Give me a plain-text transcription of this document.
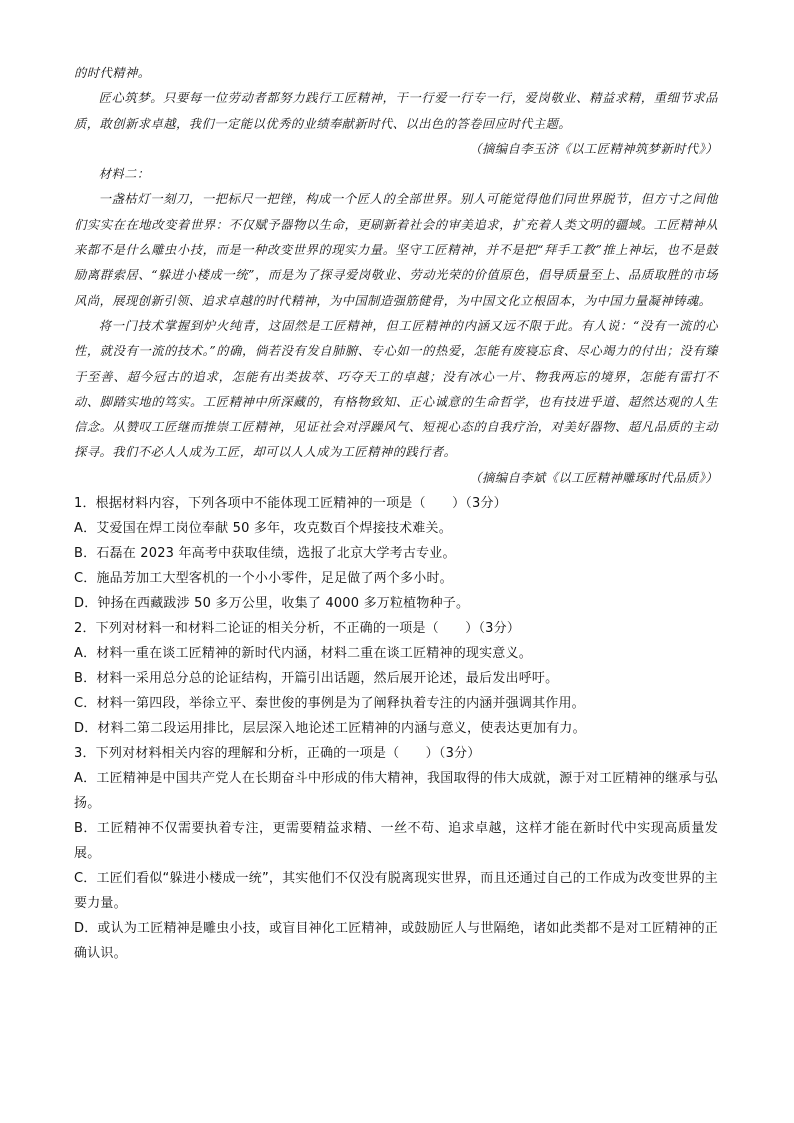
的时代精神。

匠心筑梦。只要每一位劳动者都努力践行工匠精神，干一行爱一行专一行，爱岗敬业、精益求精，重细节求品质，敢创新求卓越，我们一定能以优秀的业绩奉献新时代、以出色的答卷回应时代主题。

（摘编自李玉济《以工匠精神筑梦新时代》）

材料二：

一盏枯灯一刻刀，一把标尺一把锉，构成一个匠人的全部世界。别人可能觉得他们同世界脱节，但方寸之间他们实实在在地改变着世界：不仅赋予器物以生命，更刷新着社会的审美追求，扩充着人类文明的疆域。工匠精神从来都不是什么雕虫小技，而是一种改变世界的现实力量。坚守工匠精神，并不是把“拜手工教”推上神坛，也不是鼓励离群索居、“躲进小楼成一统”，而是为了探寻爱岗敬业、劳动光荣的价值原色，倡导质量至上、品质取胜的市场风尚，展现创新引领、追求卓越的时代精神，为中国制造强筋健骨，为中国文化立根固本，为中国力量凝神铸魂。

将一门技术掌握到炉火纯青，这固然是工匠精神，但工匠精神的内涵又远不限于此。有人说：“没有一流的心性，就没有一流的技术。”的确，倘若没有发自肺腑、专心如一的热爱，怎能有废寝忘食、尽心竭力的付出；没有臻于至善、超今冠古的追求，怎能有出类拔萃、巧夺天工的卓越；没有冰心一片、物我两忘的境界，怎能有雷打不动、脚踏实地的笃实。工匠精神中所深藏的，有格物致知、正心诚意的生命哲学，也有技进乎道、超然达观的人生信念。从赞叹工匠继而推崇工匠精神，见证社会对浮躁风气、短视心态的自我疗治，对美好器物、超凡品质的主动探寻。我们不必人人成为工匠，却可以人人成为工匠精神的践行者。

（摘编自李斌《以工匠精神雕琢时代品质》）

1．根据材料内容，下列各项中不能体现工匠精神的一项是（　　）（3分）

A．艾爱国在焊工岗位奉献 50 多年，攻克数百个焊接技术难关。

B．石磊在 2023 年高考中获取佳绩，选报了北京大学考古专业。

C．施品芳加工大型客机的一个小小零件，足足做了两个多小时。

D．钟扬在西藏跋涉 50 多万公里，收集了 4000 多万粒植物种子。

2．下列对材料一和材料二论证的相关分析，不正确的一项是（　　）（3分）

A．材料一重在谈工匠精神的新时代内涵，材料二重在谈工匠精神的现实意义。

B．材料一采用总分总的论证结构，开篇引出话题，然后展开论述，最后发出呼吁。

C．材料一第四段，举徐立平、秦世俊的事例是为了阐释执着专注的内涵并强调其作用。

D．材料二第二段运用排比，层层深入地论述工匠精神的内涵与意义，使表达更加有力。

3．下列对材料相关内容的理解和分析，正确的一项是（　　）（3分）

A．工匠精神是中国共产党人在长期奋斗中形成的伟大精神，我国取得的伟大成就，源于对工匠精神的继承与弘扬。

B．工匠精神不仅需要执着专注，更需要精益求精、一丝不苟、追求卓越，这样才能在新时代中实现高质量发展。

C．工匠们看似“躲进小楼成一统”，其实他们不仅没有脱离现实世界，而且还通过自己的工作成为改变世界的主要力量。

D．或认为工匠精神是雕虫小技，或盲目神化工匠精神，或鼓励匠人与世隔绝，诸如此类都不是对工匠精神的正确认识。
